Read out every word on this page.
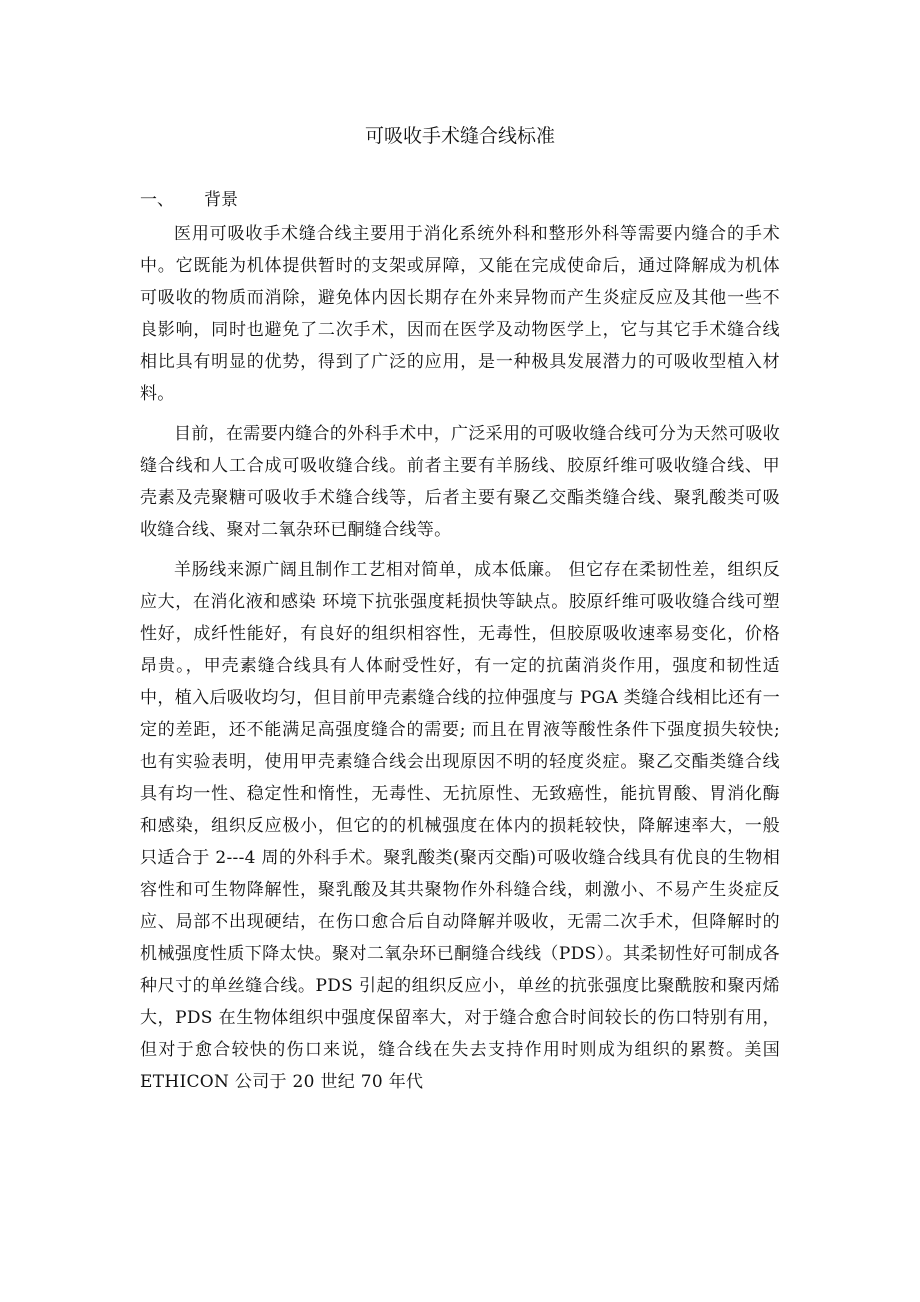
可吸收手术缝合线标准
一、 背景

医用可吸收手术缝合线主要用于消化系统外科和整形外科等需要内缝合的手术中。它既能为机体提供暂时的支架或屏障，又能在完成使命后，通过降解成为机体可吸收的物质而消除，避免体内因长期存在外来异物而产生炎症反应及其他一些不良影响，同时也避免了二次手术，因而在医学及动物医学上，它与其它手术缝合线相比具有明显的优势，得到了广泛的应用，是一种极具发展潜力的可吸收型植入材料。

目前，在需要内缝合的外科手术中，广泛采用的可吸收缝合线可分为天然可吸收缝合线和人工合成可吸收缝合线。前者主要有羊肠线、胶原纤维可吸收缝合线、甲壳素及壳聚糖可吸收手术缝合线等，后者主要有聚乙交酯类缝合线、聚乳酸类可吸收缝合线、聚对二氧杂环已酮缝合线等。

羊肠线来源广阔且制作工艺相对简单，成本低廉。 但它存在柔韧性差，组织反应大，在消化液和感染 环境下抗张强度耗损快等缺点。胶原纤维可吸收缝合线可塑性好，成纤性能好，有良好的组织相容性，无毒性，但胶原吸收速率易变化，价格昂贵。，甲壳素缝合线具有人体耐受性好，有一定的抗菌消炎作用，强度和韧性适中，植入后吸收均匀，但目前甲壳素缝合线的拉伸强度与 PGA 类缝合线相比还有一定的差距，还不能满足高强度缝合的需要; 而且在胃液等酸性条件下强度损失较快; 也有实验表明，使用甲壳素缝合线会出现原因不明的轻度炎症。聚乙交酯类缝合线具有均一性、稳定性和惰性，无毒性、无抗原性、无致癌性，能抗胃酸、胃消化酶和感染，组织反应极小，但它的的机械强度在体内的损耗较快，降解速率大，一般只适合于 2---4 周的外科手术。聚乳酸类(聚丙交酯)可吸收缝合线具有优良的生物相容性和可生物降解性，聚乳酸及其共聚物作外科缝合线，刺激小、不易产生炎症反应、局部不出现硬结，在伤口愈合后自动降解并吸收，无需二次手术，但降解时的机械强度性质下降太快。聚对二氧杂环已酮缝合线线（PDS）。其柔韧性好可制成各种尺寸的单丝缝合线。PDS 引起的组织反应小，单丝的抗张强度比聚酰胺和聚丙烯大，PDS 在生物体组织中强度保留率大，对于缝合愈合时间较长的伤口特别有用，但对于愈合较快的伤口来说，缝合线在失去支持作用时则成为组织的累赘。美国 ETHICON 公司于 20 世纪 70 年代
